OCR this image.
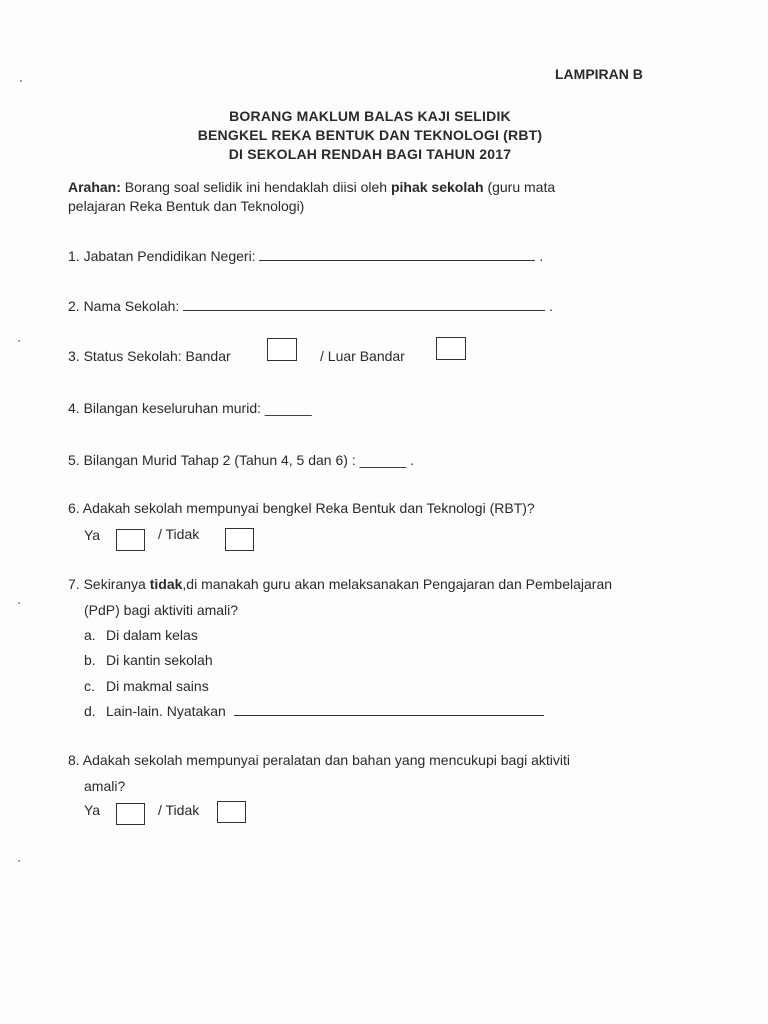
LAMPIRAN B
BORANG MAKLUM BALAS KAJI SELIDIK
BENGKEL REKA BENTUK DAN TEKNOLOGI (RBT)
DI SEKOLAH RENDAH BAGI TAHUN 2017
Arahan: Borang soal selidik ini hendaklah diisi oleh pihak sekolah (guru mata
pelajaran Reka Bentuk dan Teknologi)
1. Jabatan Pendidikan Negeri:	.
2. Nama Sekolah:	.
3. Status Sekolah: Bandar	/ Luar Bandar
4. Bilangan keseluruhan murid: ______
5. Bilangan Murid Tahap 2 (Tahun 4, 5 dan 6) : ______ .
6. Adakah sekolah mempunyai bengkel Reka Bentuk dan Teknologi (RBT)?
Ya	/ Tidak
7. Sekiranya tidak,di manakah guru akan melaksanakan Pengajaran dan Pembelajaran
(PdP) bagi aktiviti amali?
a. Di dalam kelas
b. Di kantin sekolah
c. Di makmal sains
d. Lain-lain. Nyatakan
8. Adakah sekolah mempunyai peralatan dan bahan yang mencukupi bagi aktiviti
amali?
Ya	/ Tidak
